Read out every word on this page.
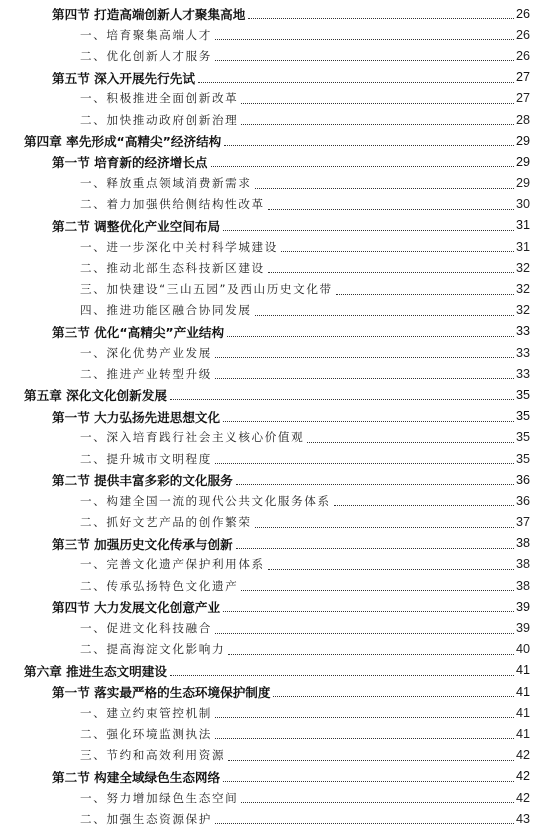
第四节 打造高端创新人才聚集高地	26
一、培育聚集高端人才	26
二、优化创新人才服务	26
第五节 深入开展先行先试	27
一、积极推进全面创新改革	27
二、加快推动政府创新治理	28
第四章 率先形成“高精尖”经济结构	29
第一节 培育新的经济增长点	29
一、释放重点领域消费新需求	29
二、着力加强供给侧结构性改革	30
第二节 调整优化产业空间布局	31
一、进一步深化中关村科学城建设	31
二、推动北部生态科技新区建设	32
三、加快建设“三山五园”及西山历史文化带	32
四、推进功能区融合协同发展	32
第三节 优化“高精尖”产业结构	33
一、深化优势产业发展	33
二、推进产业转型升级	33
第五章 深化文化创新发展	35
第一节 大力弘扬先进思想文化	35
一、深入培育践行社会主义核心价值观	35
二、提升城市文明程度	35
第二节 提供丰富多彩的文化服务	36
一、构建全国一流的现代公共文化服务体系	36
二、抓好文艺产品的创作繁荣	37
第三节 加强历史文化传承与创新	38
一、完善文化遗产保护利用体系	38
二、传承弘扬特色文化遗产	38
第四节 大力发展文化创意产业	39
一、促进文化科技融合	39
二、提高海淀文化影响力	40
第六章 推进生态文明建设	41
第一节 落实最严格的生态环境保护制度	41
一、建立约束管控机制	41
二、强化环境监测执法	41
三、节约和高效利用资源	42
第二节 构建全域绿色生态网络	42
一、努力增加绿色生态空间	42
二、加强生态资源保护	43
